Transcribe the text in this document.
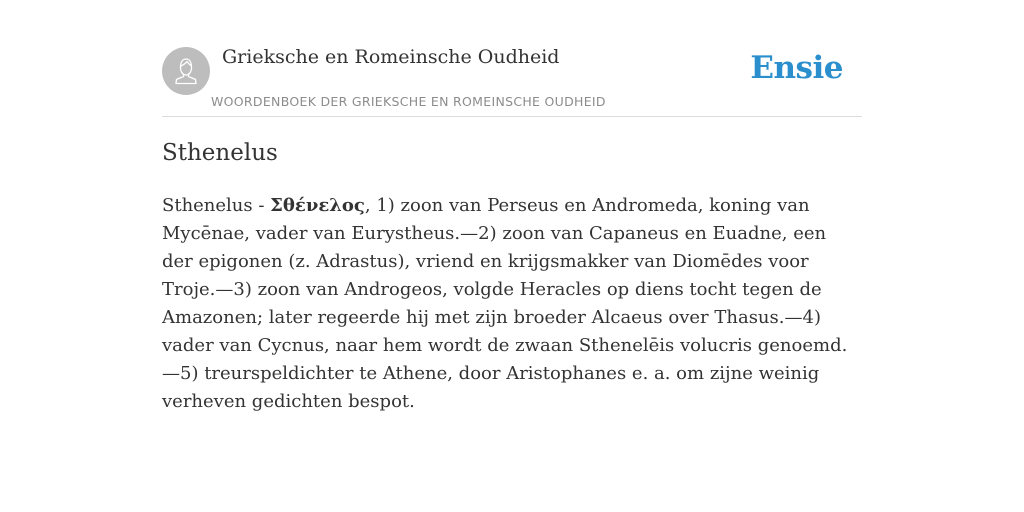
Grieksche en Romeinsche Oudheid
WOORDENBOEK DER GRIEKSCHE EN ROMEINSCHE OUDHEID
Ensie
Sthenelus

Sthenelus - Σθένελος, 1) zoon van Perseus en Andromeda, koning van Mycēnae, vader van Eurystheus.—2) zoon van Capaneus en Euadne, een der epigonen (z. Adrastus), vriend en krijgsmakker van Diomēdes voor Troje.—3) zoon van Androgeos, volgde Heracles op diens tocht tegen de Amazonen; later regeerde hij met zijn broeder Alcaeus over Thasus.—4) vader van Cycnus, naar hem wordt de zwaan Sthenelēis volucris genoemd.—5) treurspeldichter te Athene, door Aristophanes e. a. om zijne weinig verheven gedichten bespot.
